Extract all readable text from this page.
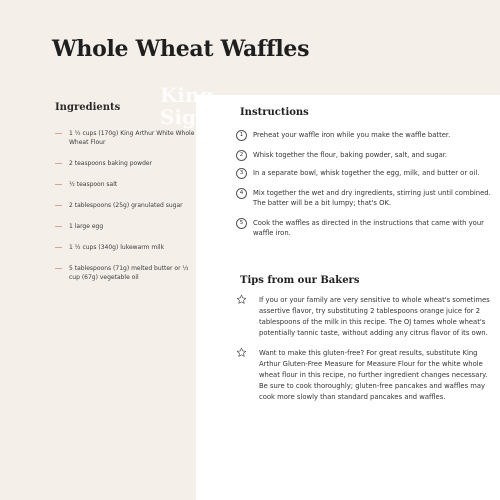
Whole Wheat Waffles
Ingredients
1 ½ cups (170g) King Arthur White Whole Wheat Flour
2 teaspoons baking powder
½ teaspoon salt
2 tablespoons (25g) granulated sugar
1 large egg
1 ½ cups (340g) lukewarm milk
5 tablespoons (71g) melted butter or ⅓ cup (67g) vegetable oil
Instructions
1	Preheat your waffle iron while you make the waffle batter.
2	Whisk together the flour, baking powder, salt, and sugar.
3	In a separate bowl, whisk together the egg, milk, and butter or oil.
4	Mix together the wet and dry ingredients, stirring just until combined. The batter will be a bit lumpy; that's OK.
5	Cook the waffles as directed in the instructions that came with your waffle iron.
Tips from our Bakers
If you or your family are very sensitive to whole wheat's sometimes assertive flavor, try substituting 2 tablespoons orange juice for 2 tablespoons of the milk in this recipe. The OJ tames whole wheat's potentially tannic taste, without adding any citrus flavor of its own.
Want to make this gluten-free? For great results, substitute King Arthur Gluten-Free Measure for Measure Flour for the white whole wheat flour in this recipe, no further ingredient changes necessary. Be sure to cook thoroughly; gluten-free pancakes and waffles may cook more slowly than standard pancakes and waffles.
King
Sign
